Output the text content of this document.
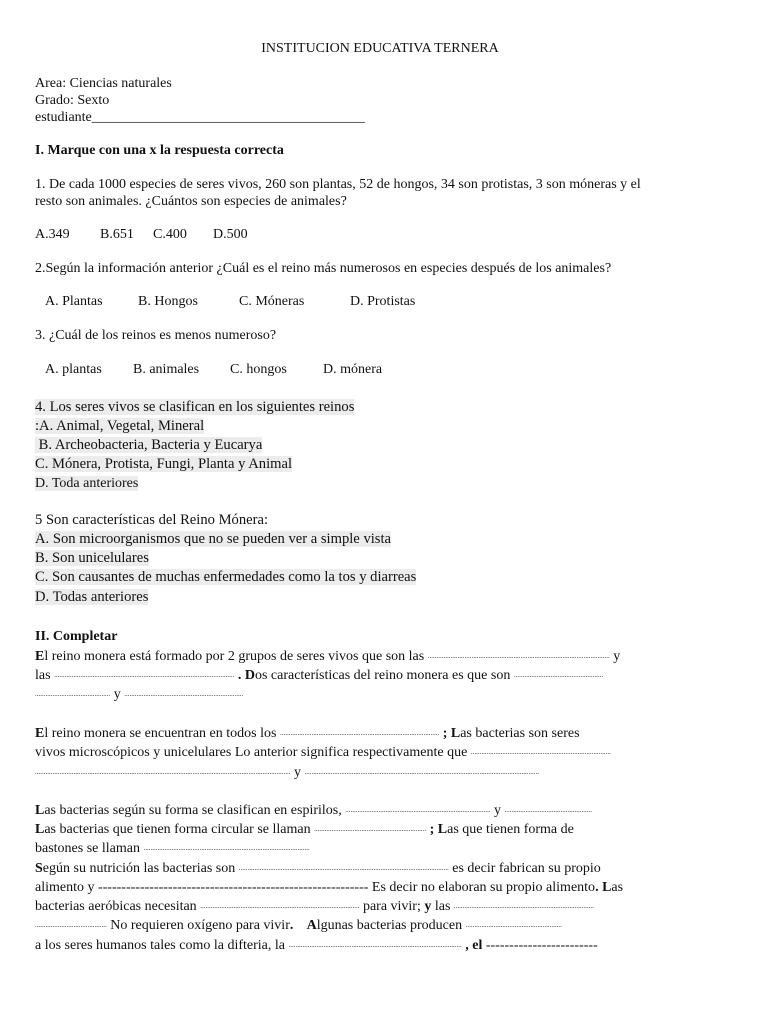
INSTITUCION EDUCATIVA TERNERA
Area: Ciencias naturales
Grado: Sexto
estudiante_______________________________________
I. Marque con una x la respuesta correcta
1. De cada 1000 especies de seres vivos, 260 son plantas, 52 de hongos, 34 son protistas, 3 son móneras y el
resto son animales. ¿Cuántos son especies de animales?
A.349 B.651 C.400 D.500
2.Según la información anterior ¿Cuál es el reino más numerosos en especies después de los animales?
A. Plantas	B. Hongos	C. Móneras	D. Protistas
3. ¿Cuál de los reinos es menos numeroso?
A. plantas B. animales C. hongos	D. mónera
4. Los seres vivos se clasifican en los siguientes reinos
:A. Animal, Vegetal, Mineral
B. Archeobacteria, Bacteria y Eucarya
C. Mónera, Protista, Fungi, Planta y Animal
D. Toda anteriores
5 Son características del Reino Mónera:
A. Son microorganismos que no se pueden ver a simple vista
B. Son unicelulares
C. Son causantes de muchas enfermedades como la tos y diarreas
D. Todas anteriores
II. Completar
El reino monera está formado por 2 grupos de seres vivos que son las ........................................................................................................ y
las ....................................................................................................... . Dos características del reino monera es que son ...................................................
........................................... y ....................................................................
El reino monera se encuentran en todos los ........................................................................................... ; Las bacterias son seres
vivos microscópicos y unicelulares Lo anterior significa respectivamente que ................................................................................
.................................................................................................................................................. y ......................................................................................................................................
Las bacterias según su forma se clasifican en espirilos, ................................................................................... y ..................................................
Las bacterias que tienen forma circular se llaman ................................................................ ; Las que tienen forma de
bastones se llaman ...............................................................................................
Según su nutrición las bacterias son ........................................................................................................................ es decir fabrican su propio
alimento y ---------------------------------------------------------- Es decir no elaboran su propio alimento. Las
bacterias aeróbicas necesitan ........................................................................................... para vivir; y las ................................................................................
......................................... No requieren oxígeno para vivir.    Algunas bacterias producen .......................................................
a los seres humanos tales como la difteria, la ................................................................................................... , el ------------------------
